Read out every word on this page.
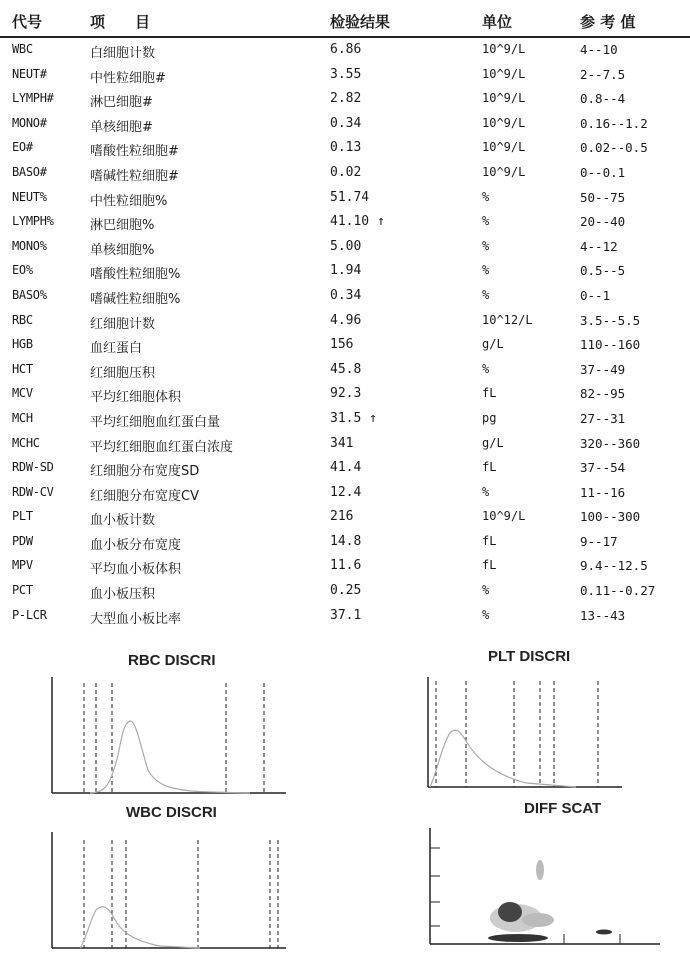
代号	项　　目	检验结果	单位	参 考 值
WBC	白细胞计数	6.86	10^9/L	4--10
NEUT#	中性粒细胞#	3.55	10^9/L	2--7.5
LYMPH#	淋巴细胞#	2.82	10^9/L	0.8--4
MONO#	单核细胞#	0.34	10^9/L	0.16--1.2
EO#	嗜酸性粒细胞#	0.13	10^9/L	0.02--0.5
BASO#	嗜碱性粒细胞#	0.02	10^9/L	0--0.1
NEUT%	中性粒细胞%	51.74	%	50--75
LYMPH%	淋巴细胞%	41.10 ↑	%	20--40
MONO%	单核细胞%	5.00	%	4--12
EO%	嗜酸性粒细胞%	1.94	%	0.5--5
BASO%	嗜碱性粒细胞%	0.34	%	0--1
RBC	红细胞计数	4.96	10^12/L	3.5--5.5
HGB	血红蛋白	156	g/L	110--160
HCT	红细胞压积	45.8	%	37--49
MCV	平均红细胞体积	92.3	fL	82--95
MCH	平均红细胞血红蛋白量	31.5 ↑	pg	27--31
MCHC	平均红细胞血红蛋白浓度	341	g/L	320--360
RDW-SD	红细胞分布宽度SD	41.4	fL	37--54
RDW-CV	红细胞分布宽度CV	12.4	%	11--16
PLT	血小板计数	216	10^9/L	100--300
PDW	血小板分布宽度	14.8	fL	9--17
MPV	平均血小板体积	11.6	fL	9.4--12.5
PCT	血小板压积	0.25	%	0.11--0.27
P-LCR	大型血小板比率	37.1	%	13--43
RBC DISCRI	PLT DISCRI
WBC DISCRI	DIFF SCAT
